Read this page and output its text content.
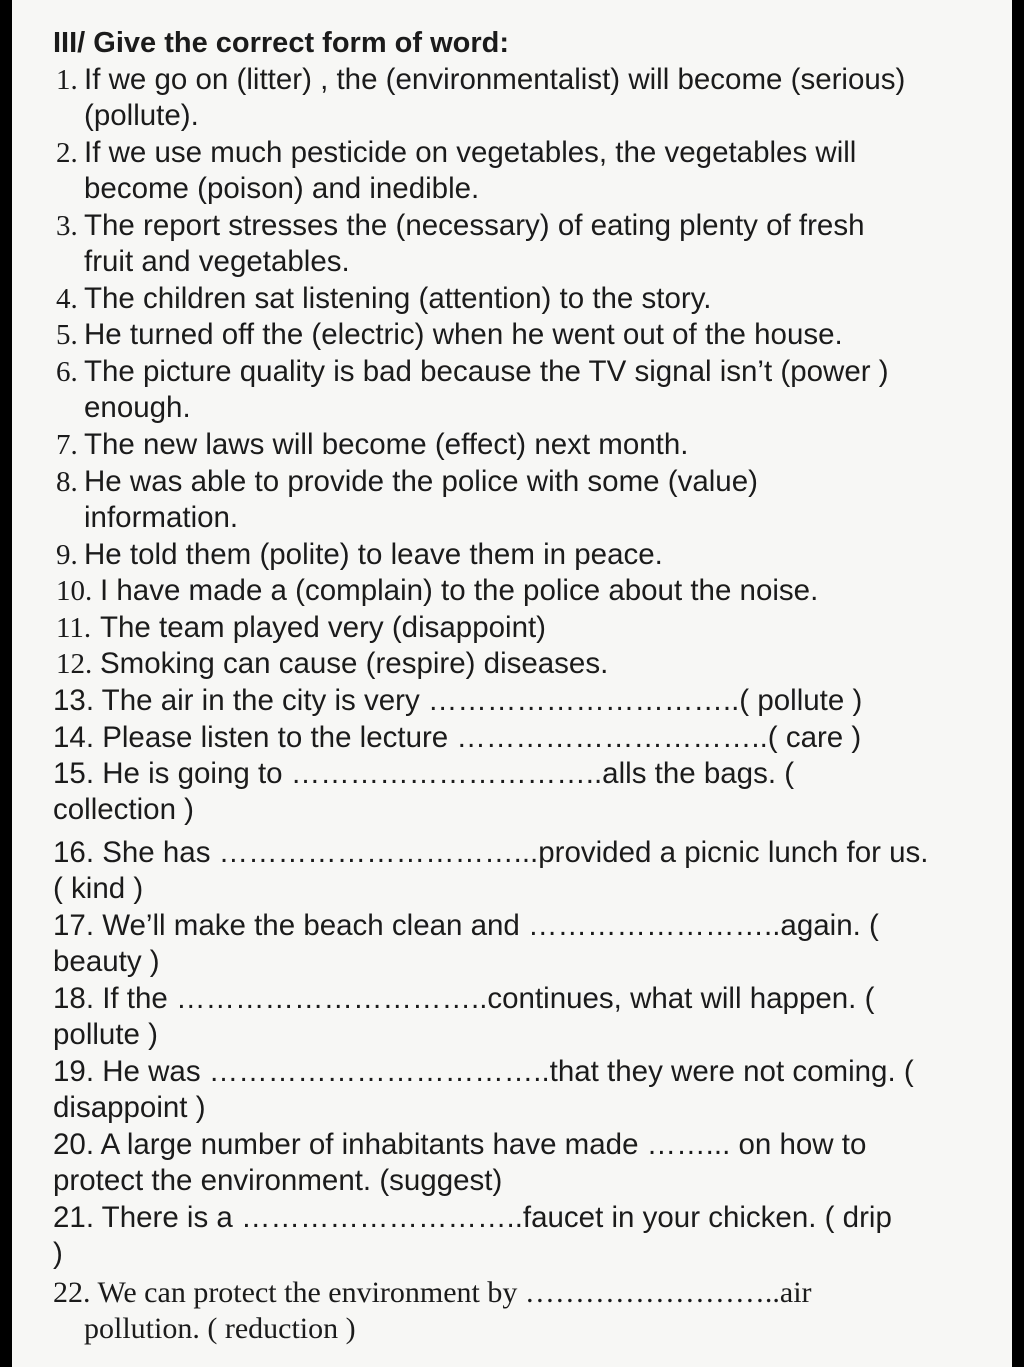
III/ Give the correct form of word:

1. If we go on (litter) , the (environmentalist) will become (serious)

(pollute).

2. If we use much pesticide on vegetables, the vegetables will

become (poison) and inedible.

3. The report stresses the (necessary) of eating plenty of fresh

fruit and vegetables.

4. The children sat listening (attention) to the story.

5. He turned off the (electric) when he went out of the house.

6. The picture quality is bad because the TV signal isn’t (power )

enough.

7. The new laws will become (effect) next month.

8. He was able to provide the police with some (value)

information.

9. He told them (polite) to leave them in peace.

10. I have made a (complain) to the police about the noise.

11. The team played very (disappoint)

12. Smoking can cause (respire) diseases.

13. The air in the city is very …………………………..( pollute )

14. Please listen to the lecture …………………………..( care )

15. He is going to …………………………..alls the bags. (

collection )

16. She has …………………………...provided a picnic lunch for us.

( kind )

17. We’ll make the beach clean and ……………………..again. (

beauty )

18. If the …………………………..continues, what will happen. (

pollute )

19. He was ……………………………..that they were not coming. (

disappoint )

20. A large number of inhabitants have made ……... on how to

protect the environment. (suggest)

21. There is a ………………………..faucet in your chicken. ( drip

)

22. We can protect the environment by ……………………..air

pollution. ( reduction )
